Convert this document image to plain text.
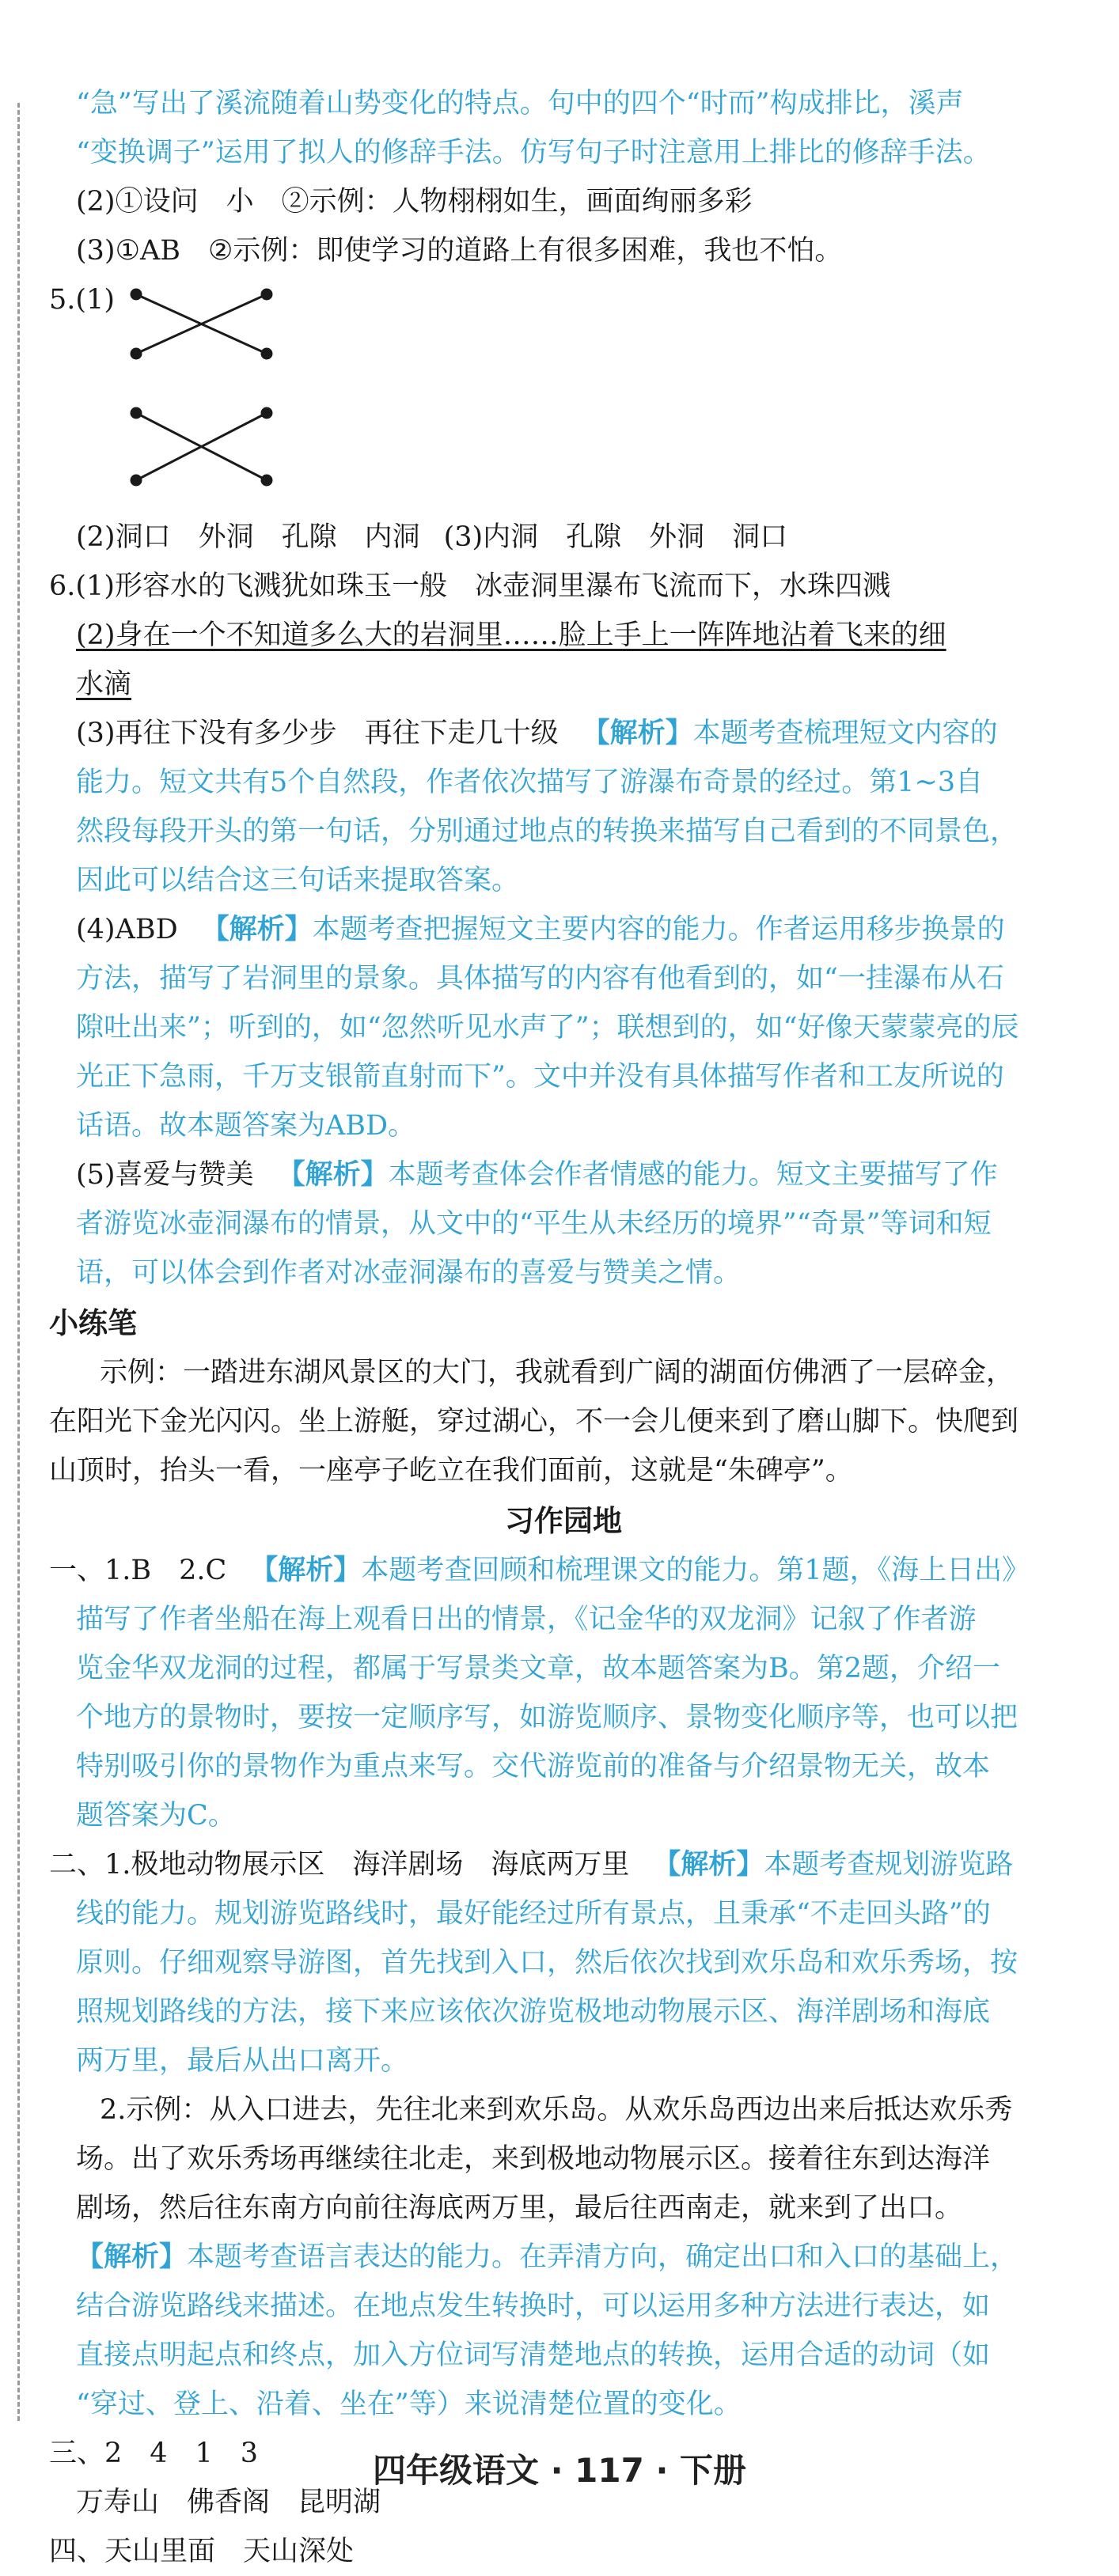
“急”写出了溪流随着山势变化的特点。句中的四个“时而”构成排比，溪声
“变换调子”运用了拟人的修辞手法。仿写句子时注意用上排比的修辞手法。
(2)①设问　小　②示例：人物栩栩如生，画面绚丽多彩
(3)①AB　②示例：即使学习的道路上有很多困难，我也不怕。
5.(1)
(2)洞口　外洞　孔隙　内洞 (3)内洞　孔隙　外洞　洞口
6.(1)形容水的飞溅犹如珠玉一般　冰壶洞里瀑布飞流而下，水珠四溅
(2)身在一个不知道多么大的岩洞里……脸上手上一阵阵地沾着飞来的细
水滴
(3)再往下没有多少步　再往下走几十级 【解析】本题考查梳理短文内容的
能力。短文共有5个自然段，作者依次描写了游瀑布奇景的经过。第1~3自
然段每段开头的第一句话，分别通过地点的转换来描写自己看到的不同景色，
因此可以结合这三句话来提取答案。
(4)ABD 【解析】本题考查把握短文主要内容的能力。作者运用移步换景的
方法，描写了岩洞里的景象。具体描写的内容有他看到的，如“一挂瀑布从石
隙吐出来”；听到的，如“忽然听见水声了”；联想到的，如“好像天蒙蒙亮的辰
光正下急雨，千万支银箭直射而下”。文中并没有具体描写作者和工友所说的
话语。故本题答案为ABD。
(5)喜爱与赞美 【解析】本题考查体会作者情感的能力。短文主要描写了作
者游览冰壶洞瀑布的情景，从文中的“平生从未经历的境界”“奇景”等词和短
语，可以体会到作者对冰壶洞瀑布的喜爱与赞美之情。
小练笔
示例：一踏进东湖风景区的大门，我就看到广阔的湖面仿佛洒了一层碎金，
在阳光下金光闪闪。坐上游艇，穿过湖心，不一会儿便来到了磨山脚下。快爬到
山顶时，抬头一看，一座亭子屹立在我们面前，这就是“朱碑亭”。
习作园地
一、1.B　2.C 【解析】本题考查回顾和梳理课文的能力。第1题，《海上日出》
描写了作者坐船在海上观看日出的情景，《记金华的双龙洞》记叙了作者游
览金华双龙洞的过程，都属于写景类文章，故本题答案为B。第2题，介绍一
个地方的景物时，要按一定顺序写，如游览顺序、景物变化顺序等，也可以把
特别吸引你的景物作为重点来写。交代游览前的准备与介绍景物无关，故本
题答案为C。
二、1.极地动物展示区　海洋剧场　海底两万里 【解析】本题考查规划游览路
线的能力。规划游览路线时，最好能经过所有景点，且秉承“不走回头路”的
原则。仔细观察导游图，首先找到入口，然后依次找到欢乐岛和欢乐秀场，按
照规划路线的方法，接下来应该依次游览极地动物展示区、海洋剧场和海底
两万里，最后从出口离开。
2.示例：从入口进去，先往北来到欢乐岛。从欢乐岛西边出来后抵达欢乐秀
场。出了欢乐秀场再继续往北走，来到极地动物展示区。接着往东到达海洋
剧场，然后往东南方向前往海底两万里，最后往西南走，就来到了出口。
【解析】本题考查语言表达的能力。在弄清方向，确定出口和入口的基础上，
结合游览路线来描述。在地点发生转换时，可以运用多种方法进行表达，如
直接点明起点和终点，加入方位词写清楚地点的转换，运用合适的动词（如
“穿过、登上、沿着、坐在”等）来说清楚位置的变化。
三、2　4　1　3
万寿山　佛香阁　昆明湖
四、天山里面　天山深处
四年级语文 · 117 · 下册
